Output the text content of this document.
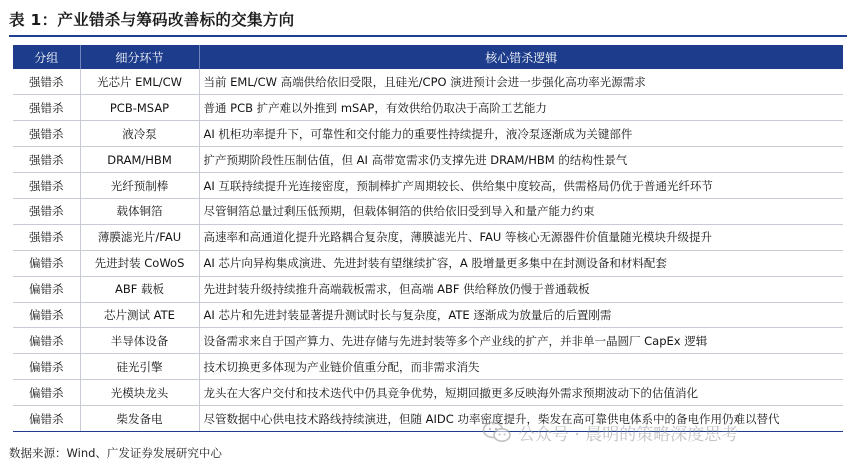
表 1：产业错杀与筹码改善标的交集方向
分组	细分环节	核心错杀逻辑
强错杀	光芯片 EML/CW	当前 EML/CW 高端供给依旧受限，且硅光/CPO 演进预计会进一步强化高功率光源需求
强错杀	PCB-MSAP	普通 PCB 扩产难以外推到 mSAP，有效供给仍取决于高阶工艺能力
强错杀	液冷泵	AI 机柜功率提升下，可靠性和交付能力的重要性持续提升，液冷泵逐渐成为关键部件
强错杀	DRAM/HBM	扩产预期阶段性压制估值，但 AI 高带宽需求仍支撑先进 DRAM/HBM 的结构性景气
强错杀	光纤预制棒	AI 互联持续提升光连接密度，预制棒扩产周期较长、供给集中度较高，供需格局仍优于普通光纤环节
强错杀	载体铜箔	尽管铜箔总量过剩压低预期，但载体铜箔的供给依旧受到导入和量产能力约束
强错杀	薄膜滤光片/FAU	高速率和高通道化提升光路耦合复杂度，薄膜滤光片、FAU 等核心无源器件价值量随光模块升级提升
偏错杀	先进封装 CoWoS	AI 芯片向异构集成演进、先进封装有望继续扩容，A 股增量更多集中在封测设备和材料配套
偏错杀	ABF 载板	先进封装升级持续推升高端载板需求，但高端 ABF 供给释放仍慢于普通载板
偏错杀	芯片测试 ATE	AI 芯片和先进封装显著提升测试时长与复杂度，ATE 逐渐成为放量后的后置刚需
偏错杀	半导体设备	设备需求来自于国产算力、先进存储与先进封装等多个产业线的扩产，并非单一晶圆厂 CapEx 逻辑
偏错杀	硅光引擎	技术切换更多体现为产业链价值重分配，而非需求消失
偏错杀	光模块龙头	龙头在大客户交付和技术迭代中仍具竞争优势，短期回撤更多反映海外需求预期波动下的估值消化
偏错杀	柴发备电	尽管数据中心供电技术路线持续演进，但随 AIDC 功率密度提升，柴发在高可靠供电体系中的备电作用仍难以替代
数据来源：Wind、广发证券发展研究中心
公众号 · 晨明的策略深度思考
